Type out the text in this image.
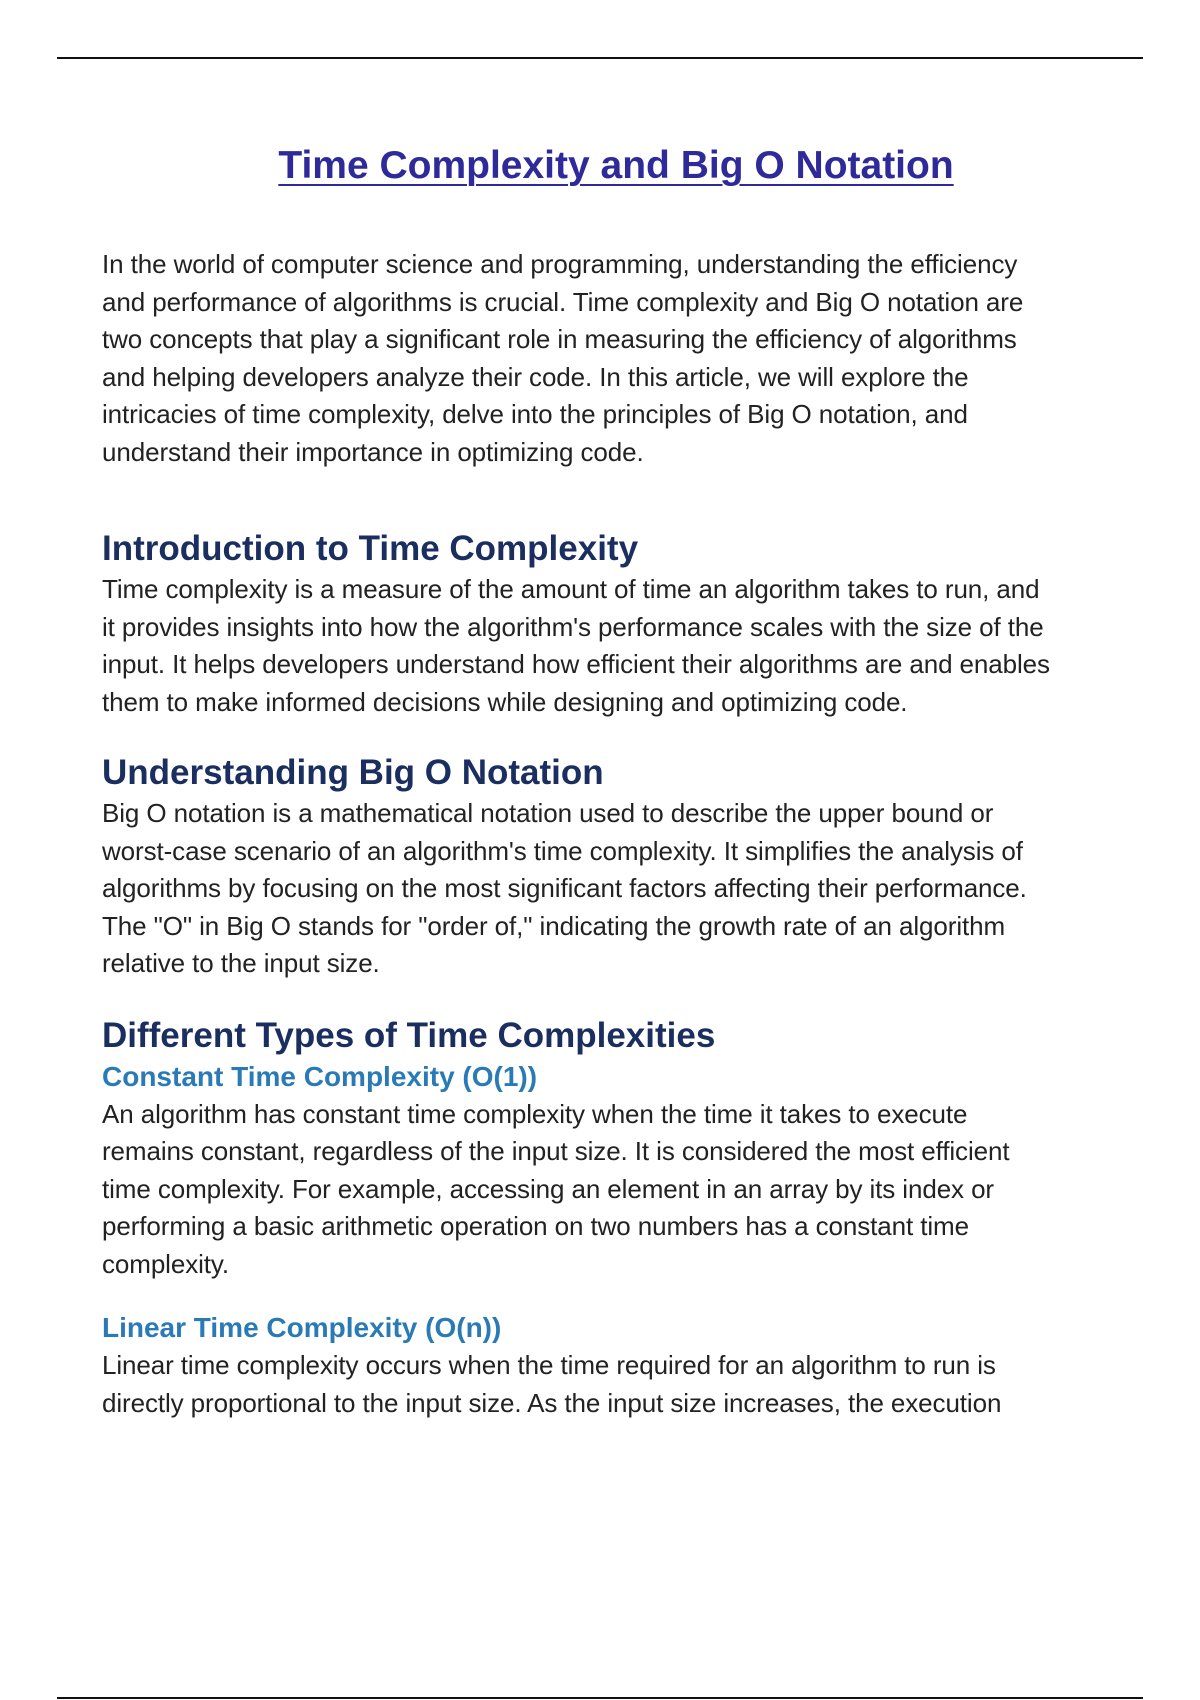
Time Complexity and Big O Notation

In the world of computer science and programming, understanding the efficiency
and performance of algorithms is crucial. Time complexity and Big O notation are
two concepts that play a significant role in measuring the efficiency of algorithms
and helping developers analyze their code. In this article, we will explore the
intricacies of time complexity, delve into the principles of Big O notation, and
understand their importance in optimizing code.

Introduction to Time Complexity

Time complexity is a measure of the amount of time an algorithm takes to run, and
it provides insights into how the algorithm's performance scales with the size of the
input. It helps developers understand how efficient their algorithms are and enables
them to make informed decisions while designing and optimizing code.

Understanding Big O Notation

Big O notation is a mathematical notation used to describe the upper bound or
worst-case scenario of an algorithm's time complexity. It simplifies the analysis of
algorithms by focusing on the most significant factors affecting their performance.
The "O" in Big O stands for "order of," indicating the growth rate of an algorithm
relative to the input size.

Different Types of Time Complexities
Constant Time Complexity (O(1))

An algorithm has constant time complexity when the time it takes to execute
remains constant, regardless of the input size. It is considered the most efficient
time complexity. For example, accessing an element in an array by its index or
performing a basic arithmetic operation on two numbers has a constant time
complexity.

Linear Time Complexity (O(n))

Linear time complexity occurs when the time required for an algorithm to run is
directly proportional to the input size. As the input size increases, the execution
